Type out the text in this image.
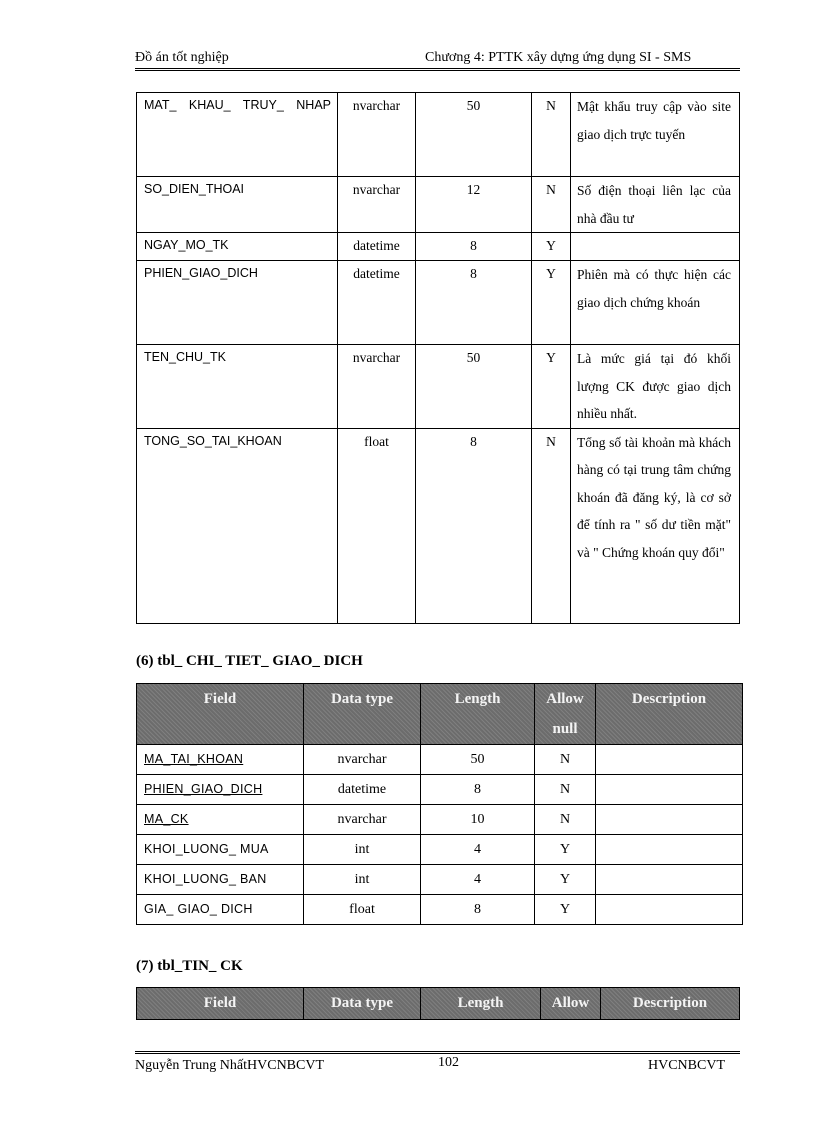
Đồ án tốt nghiệp	Chương 4: PTTK xây dựng ứng dụng SI - SMS
MAT_ KHAU_ TRUY_ NHAP	nvarchar	50	N	Mật khẩu truy cập vào site giao dịch trực tuyến
SO_DIEN_THOAI	nvarchar	12	N	Số điện thoại liên lạc của nhà đầu tư
NGAY_MO_TK	datetime	8	Y	
PHIEN_GIAO_DICH	datetime	8	Y	Phiên mà có thực hiện các giao dịch chứng khoán
TEN_CHU_TK	nvarchar	50	Y	Là mức giá tại đó khối lượng CK được giao dịch nhiều nhất.
TONG_SO_TAI_KHOAN	float	8	N	Tổng số tài khoản mà khách hàng có tại trung tâm chứng khoán đã đăng ký, là cơ sở để tính ra " số dư tiền mặt" và " Chứng khoán quy đổi"
(6) tbl_ CHI_ TIET_ GIAO_ DICH
Field	Data type	Length	Allow null	Description
MA_TAI_KHOAN	nvarchar	50	N	
PHIEN_GIAO_DICH	datetime	8	N	
MA_CK	nvarchar	10	N	
KHOI_LUONG_ MUA	int	4	Y	
KHOI_LUONG_ BAN	int	4	Y	
GIA_ GIAO_ DICH	float	8	Y	
(7) tbl_TIN_ CK
Field	Data type	Length	Allow	Description
Nguyễn Trung NhấtHVCNBCVT	102	HVCNBCVT
